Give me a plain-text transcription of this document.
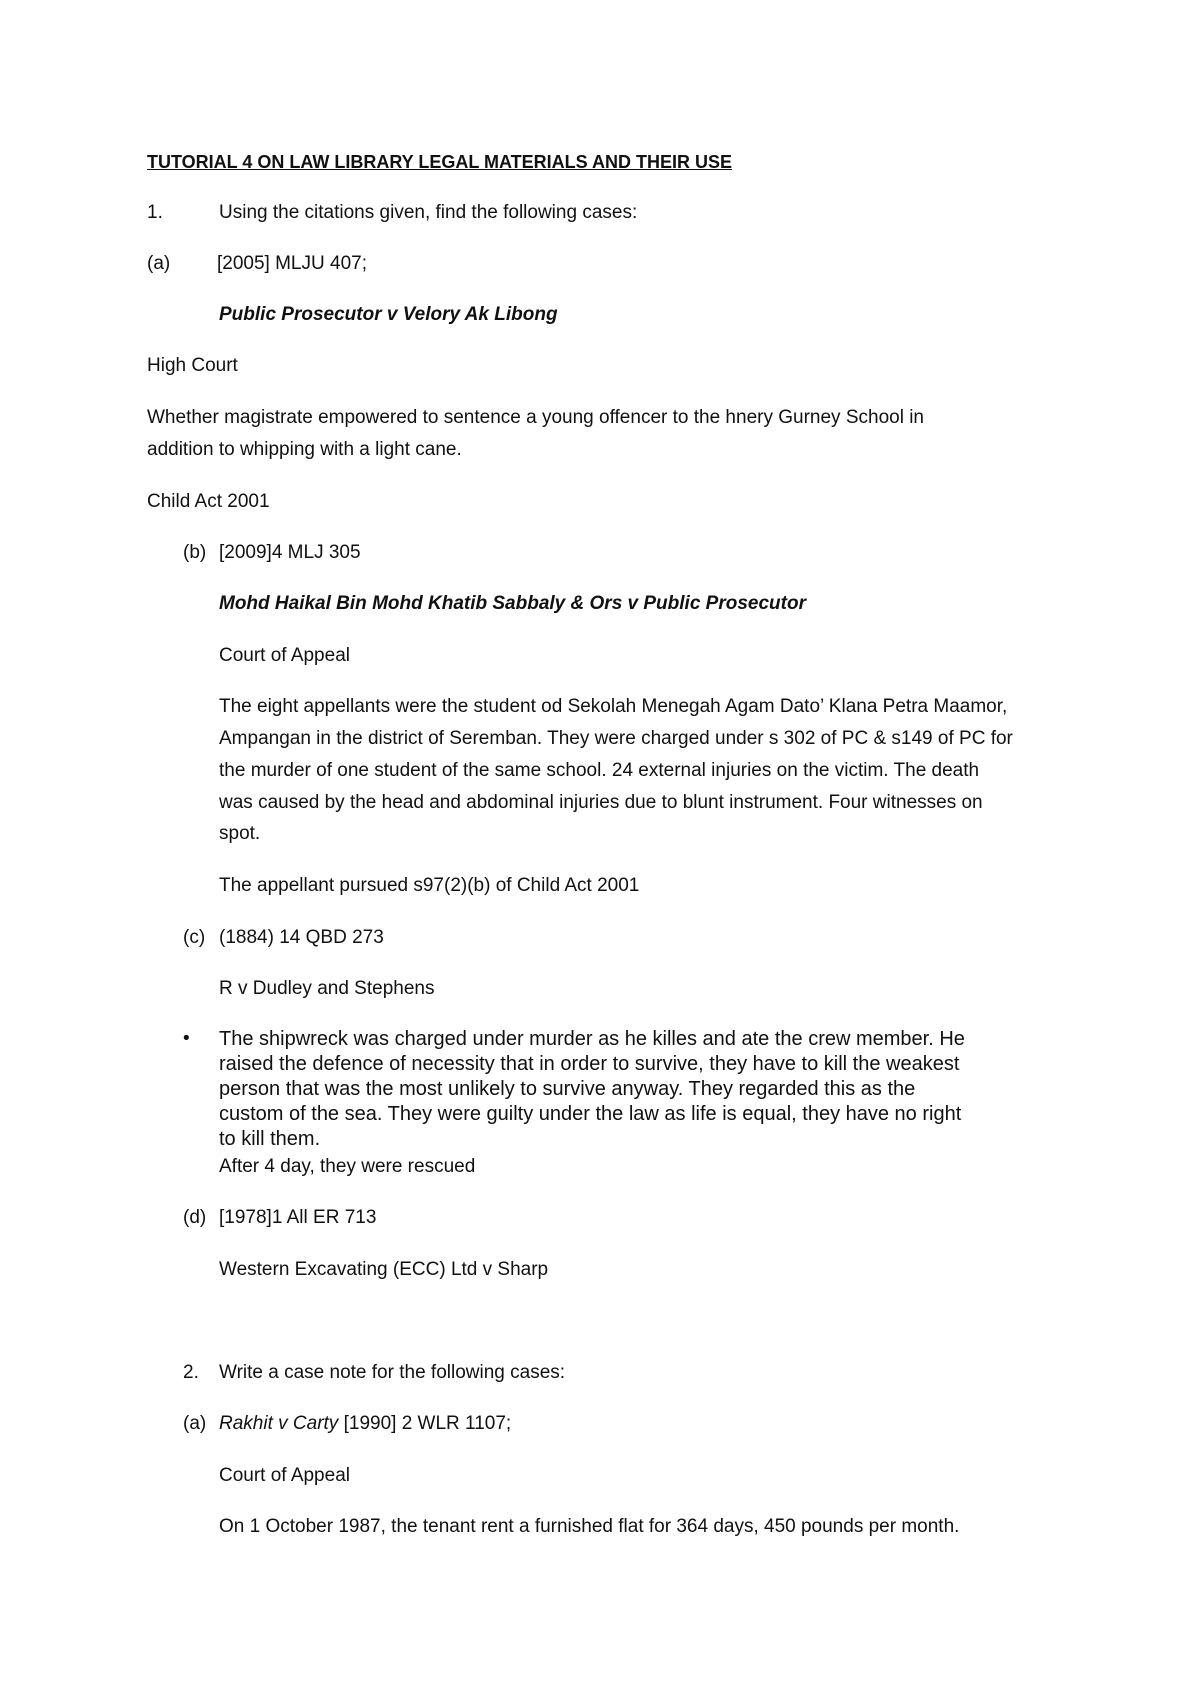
TUTORIAL 4 ON LAW LIBRARY LEGAL MATERIALS AND THEIR USE
1.	Using the citations given, find the following cases:
(a) [2005] MLJU 407;
Public Prosecutor v Velory Ak Libong
High Court
Whether magistrate empowered to sentence a young offencer to the hnery Gurney School in
addition to whipping with a light cane.
Child Act 2001
(b) [2009]4 MLJ 305
Mohd Haikal Bin Mohd Khatib Sabbaly & Ors v Public Prosecutor
Court of Appeal
The eight appellants were the student od Sekolah Menegah Agam Dato’ Klana Petra Maamor,
Ampangan in the district of Seremban. They were charged under s 302 of PC & s149 of PC for
the murder of one student of the same school. 24 external injuries on the victim. The death
was caused by the head and abdominal injuries due to blunt instrument. Four witnesses on
spot.
The appellant pursued s97(2)(b) of Child Act 2001
(c) (1884) 14 QBD 273
R v Dudley and Stephens
• The shipwreck was charged under murder as he killes and ate the crew member. He
raised the defence of necessity that in order to survive, they have to kill the weakest
person that was the most unlikely to survive anyway. They regarded this as the
custom of the sea. They were guilty under the law as life is equal, they have no right
to kill them.
After 4 day, they were rescued
(d) [1978]1 All ER 713
Western Excavating (ECC) Ltd v Sharp
2. Write a case note for the following cases:
(a) Rakhit v Carty [1990] 2 WLR 1107;
Court of Appeal
On 1 October 1987, the tenant rent a furnished flat for 364 days, 450 pounds per month.
